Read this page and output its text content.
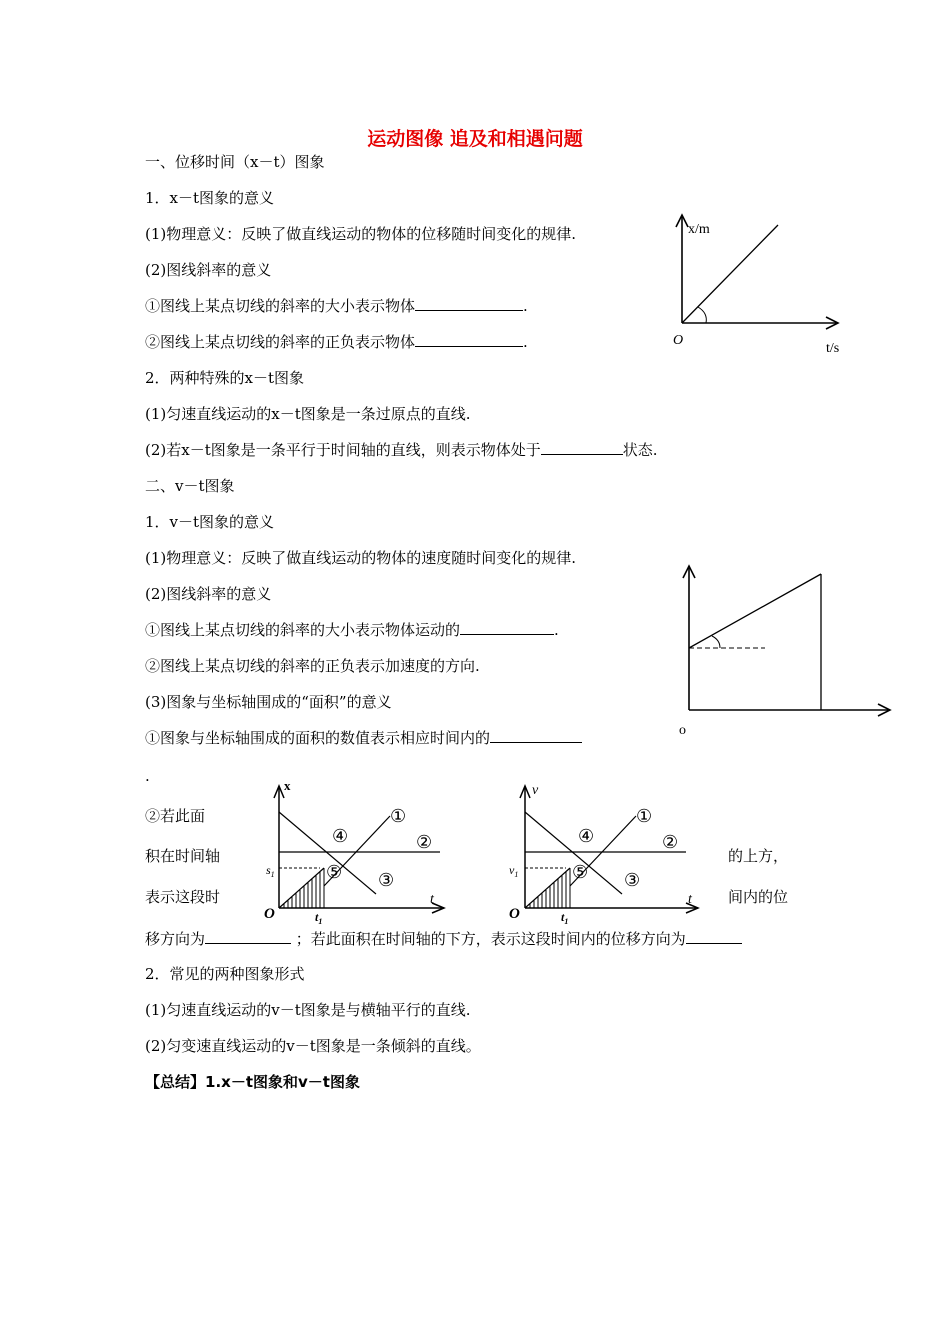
运动图像 追及和相遇问题
一、位移时间（x－t）图象
1．x－t图象的意义
(1)物理意义：反映了做直线运动的物体的位移随时间变化的规律.
(2)图线斜率的意义
①图线上某点切线的斜率的大小表示物体	.
②图线上某点切线的斜率的正负表示物体	.
2．两种特殊的x－t图象
(1)匀速直线运动的x－t图象是一条过原点的直线.
(2)若x－t图象是一条平行于时间轴的直线，则表示物体处于	状态.
二、v－t图象
1．v－t图象的意义
(1)物理意义：反映了做直线运动的物体的速度随时间变化的规律.
(2)图线斜率的意义
①图线上某点切线的斜率的大小表示物体运动的	.
②图线上某点切线的斜率的正负表示加速度的方向.
(3)图象与坐标轴围成的“面积”的意义
①图象与坐标轴围成的面积的数值表示相应时间内的
.
②若此面
积在时间轴	的上方，
表示这段时	间内的位
移方向为	；若此面积在时间轴的下方，表示这段时间内的位移方向为
2．常见的两种图象形式
(1)匀速直线运动的v－t图象是与横轴平行的直线.
(2)匀变速直线运动的v－t图象是一条倾斜的直线。
【总结】1.x－t图象和v－t图象
x/m
O
t/s
o
x
O
t
$s_1$
$t_1$
①
②
③
④
⑤
v
O
t
$v_1$
$t_1$
①
②
③
④
⑤
